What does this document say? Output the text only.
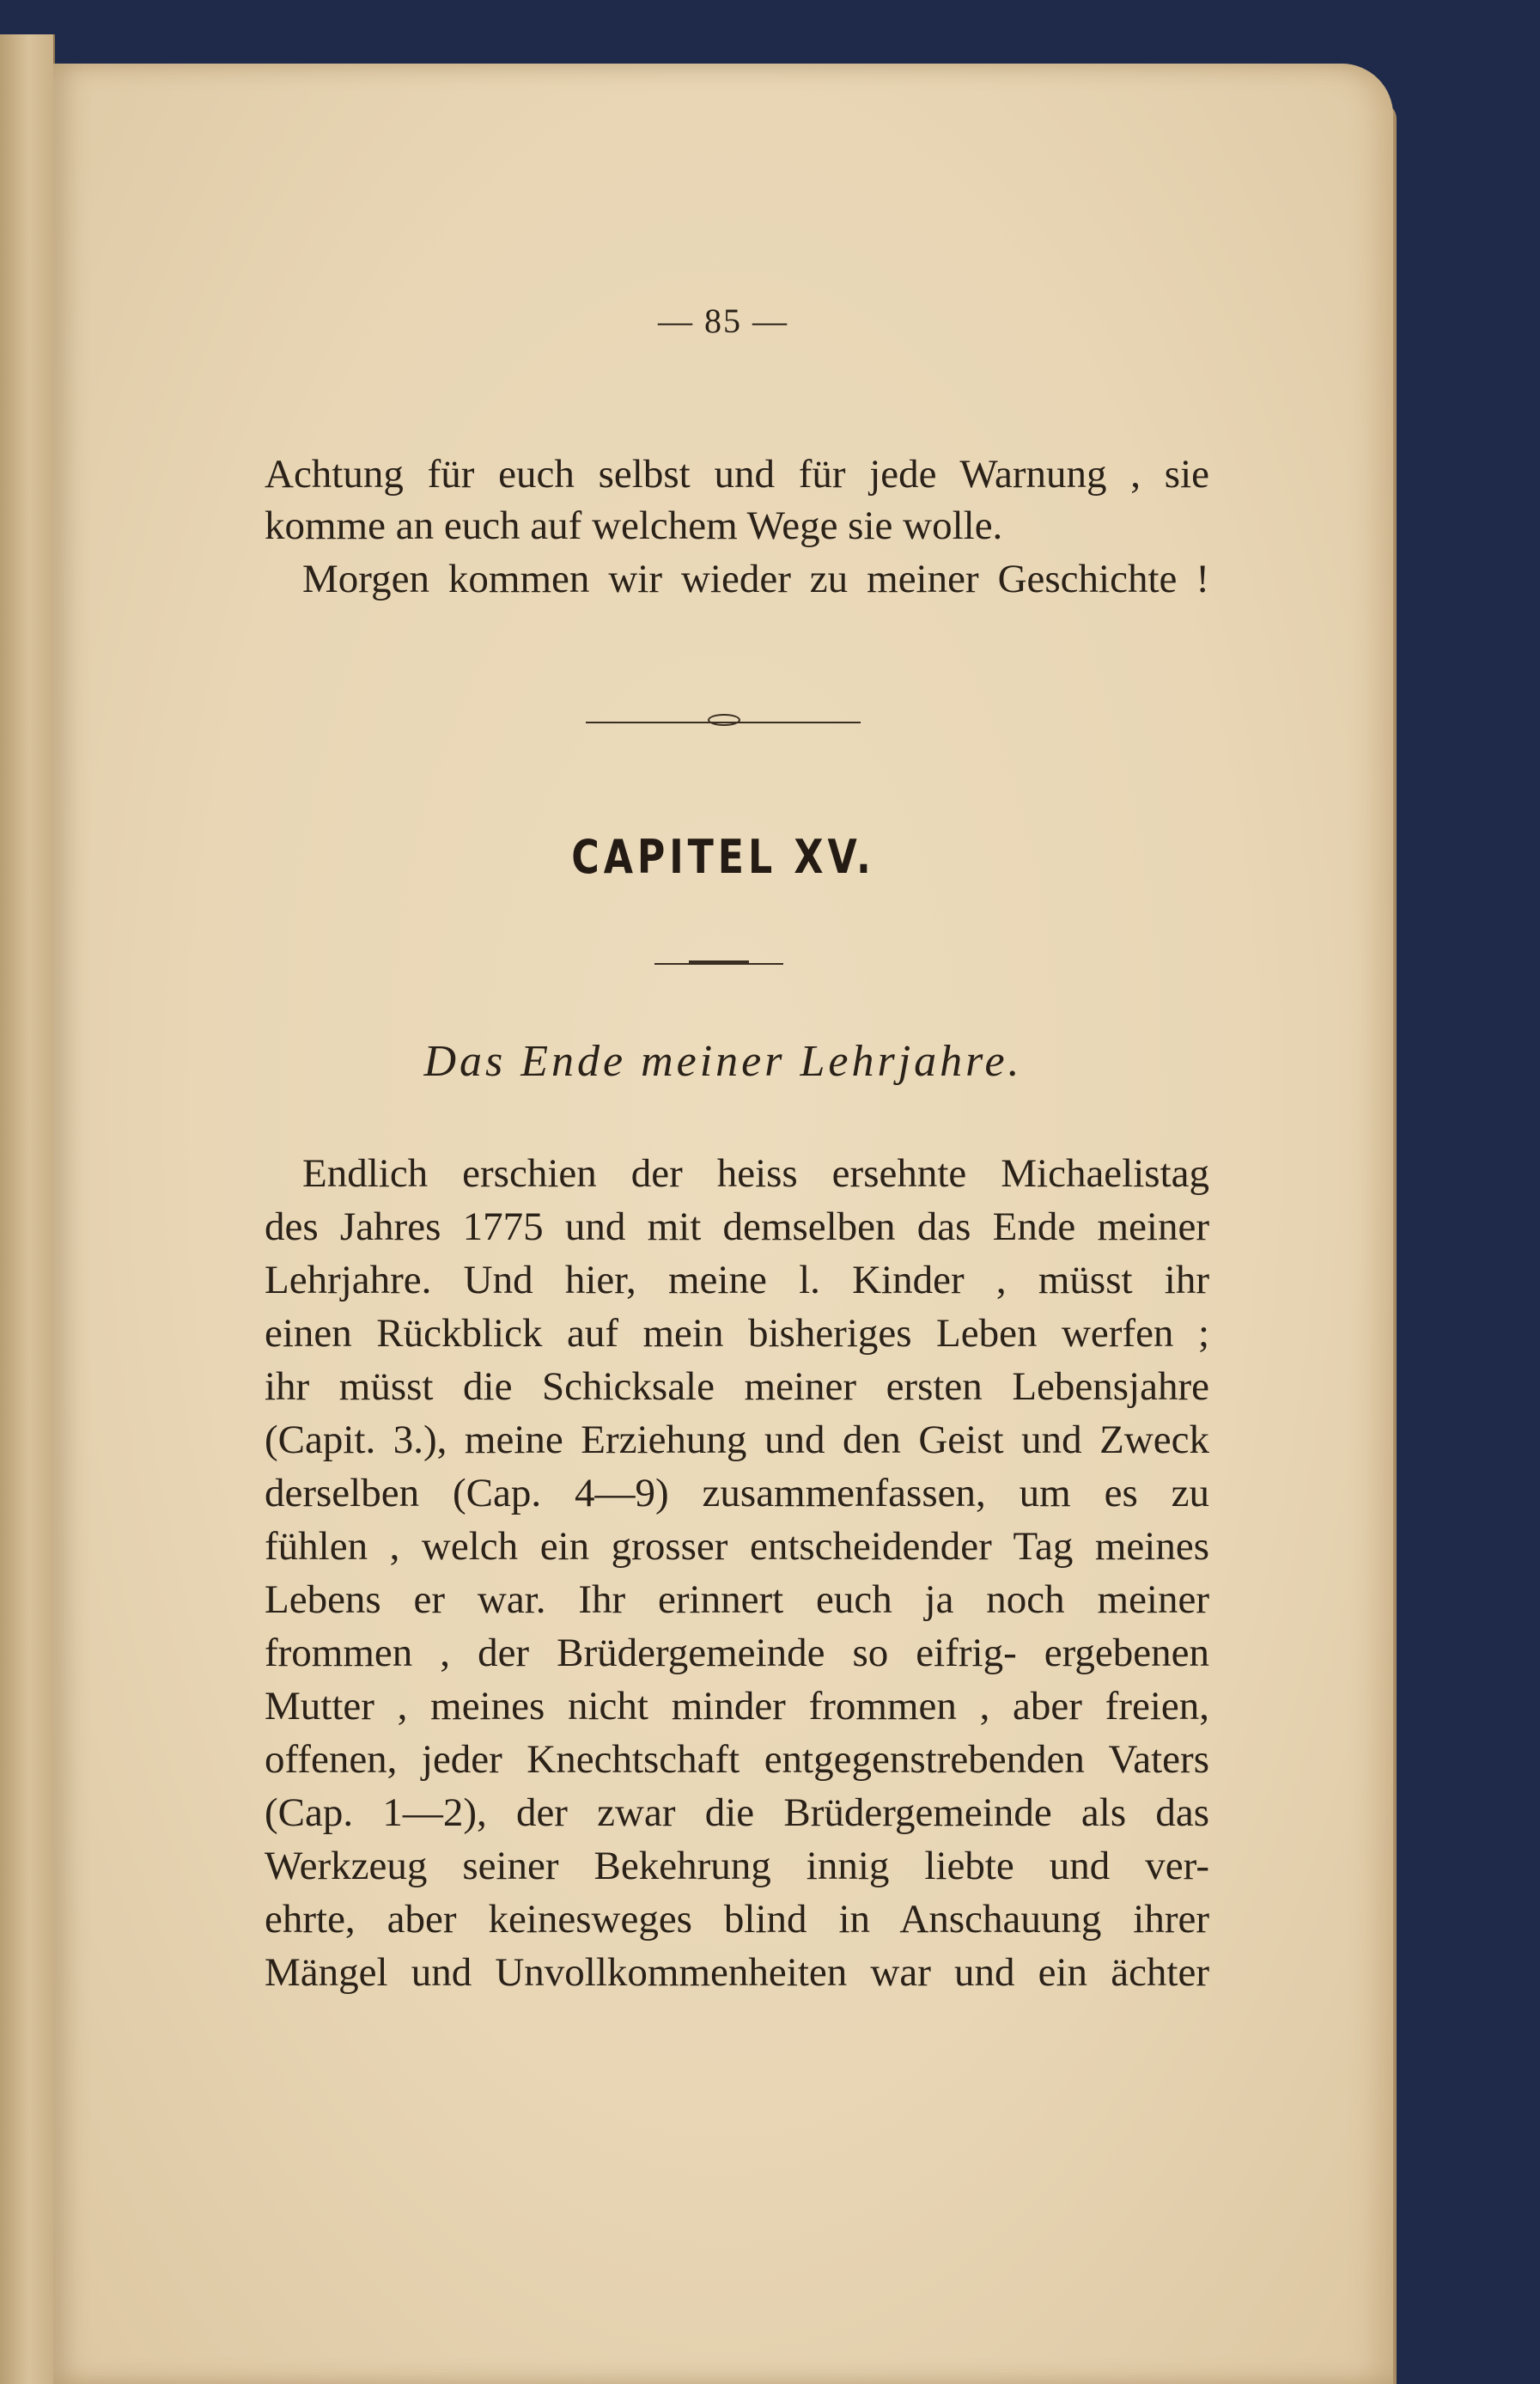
— 85 —
Achtung für euch selbst und für jede Warnung , sie
komme an euch auf welchem Wege sie wolle.
Morgen kommen wir wieder zu meiner Geschichte !
CAPITEL XV.
Das Ende meiner Lehrjahre.
Endlich erschien der heiss ersehnte Michaelistag
des Jahres 1775 und mit demselben das Ende meiner
Lehrjahre. Und hier, meine l. Kinder , müsst ihr
einen Rückblick auf mein bisheriges Leben werfen ;
ihr müsst die Schicksale meiner ersten Lebensjahre
(Capit. 3.), meine Erziehung und den Geist und Zweck
derselben (Cap. 4—9) zusammenfassen, um es zu
fühlen , welch ein grosser entscheidender Tag meines
Lebens er war. Ihr erinnert euch ja noch meiner
frommen , der Brüdergemeinde so eifrig- ergebenen
Mutter , meines nicht minder frommen , aber freien,
offenen, jeder Knechtschaft entgegenstrebenden Vaters
(Cap. 1—2), der zwar die Brüdergemeinde als das
Werkzeug seiner Bekehrung innig liebte und ver-
ehrte, aber keinesweges blind in Anschauung ihrer
Mängel und Unvollkommenheiten war und ein ächter
